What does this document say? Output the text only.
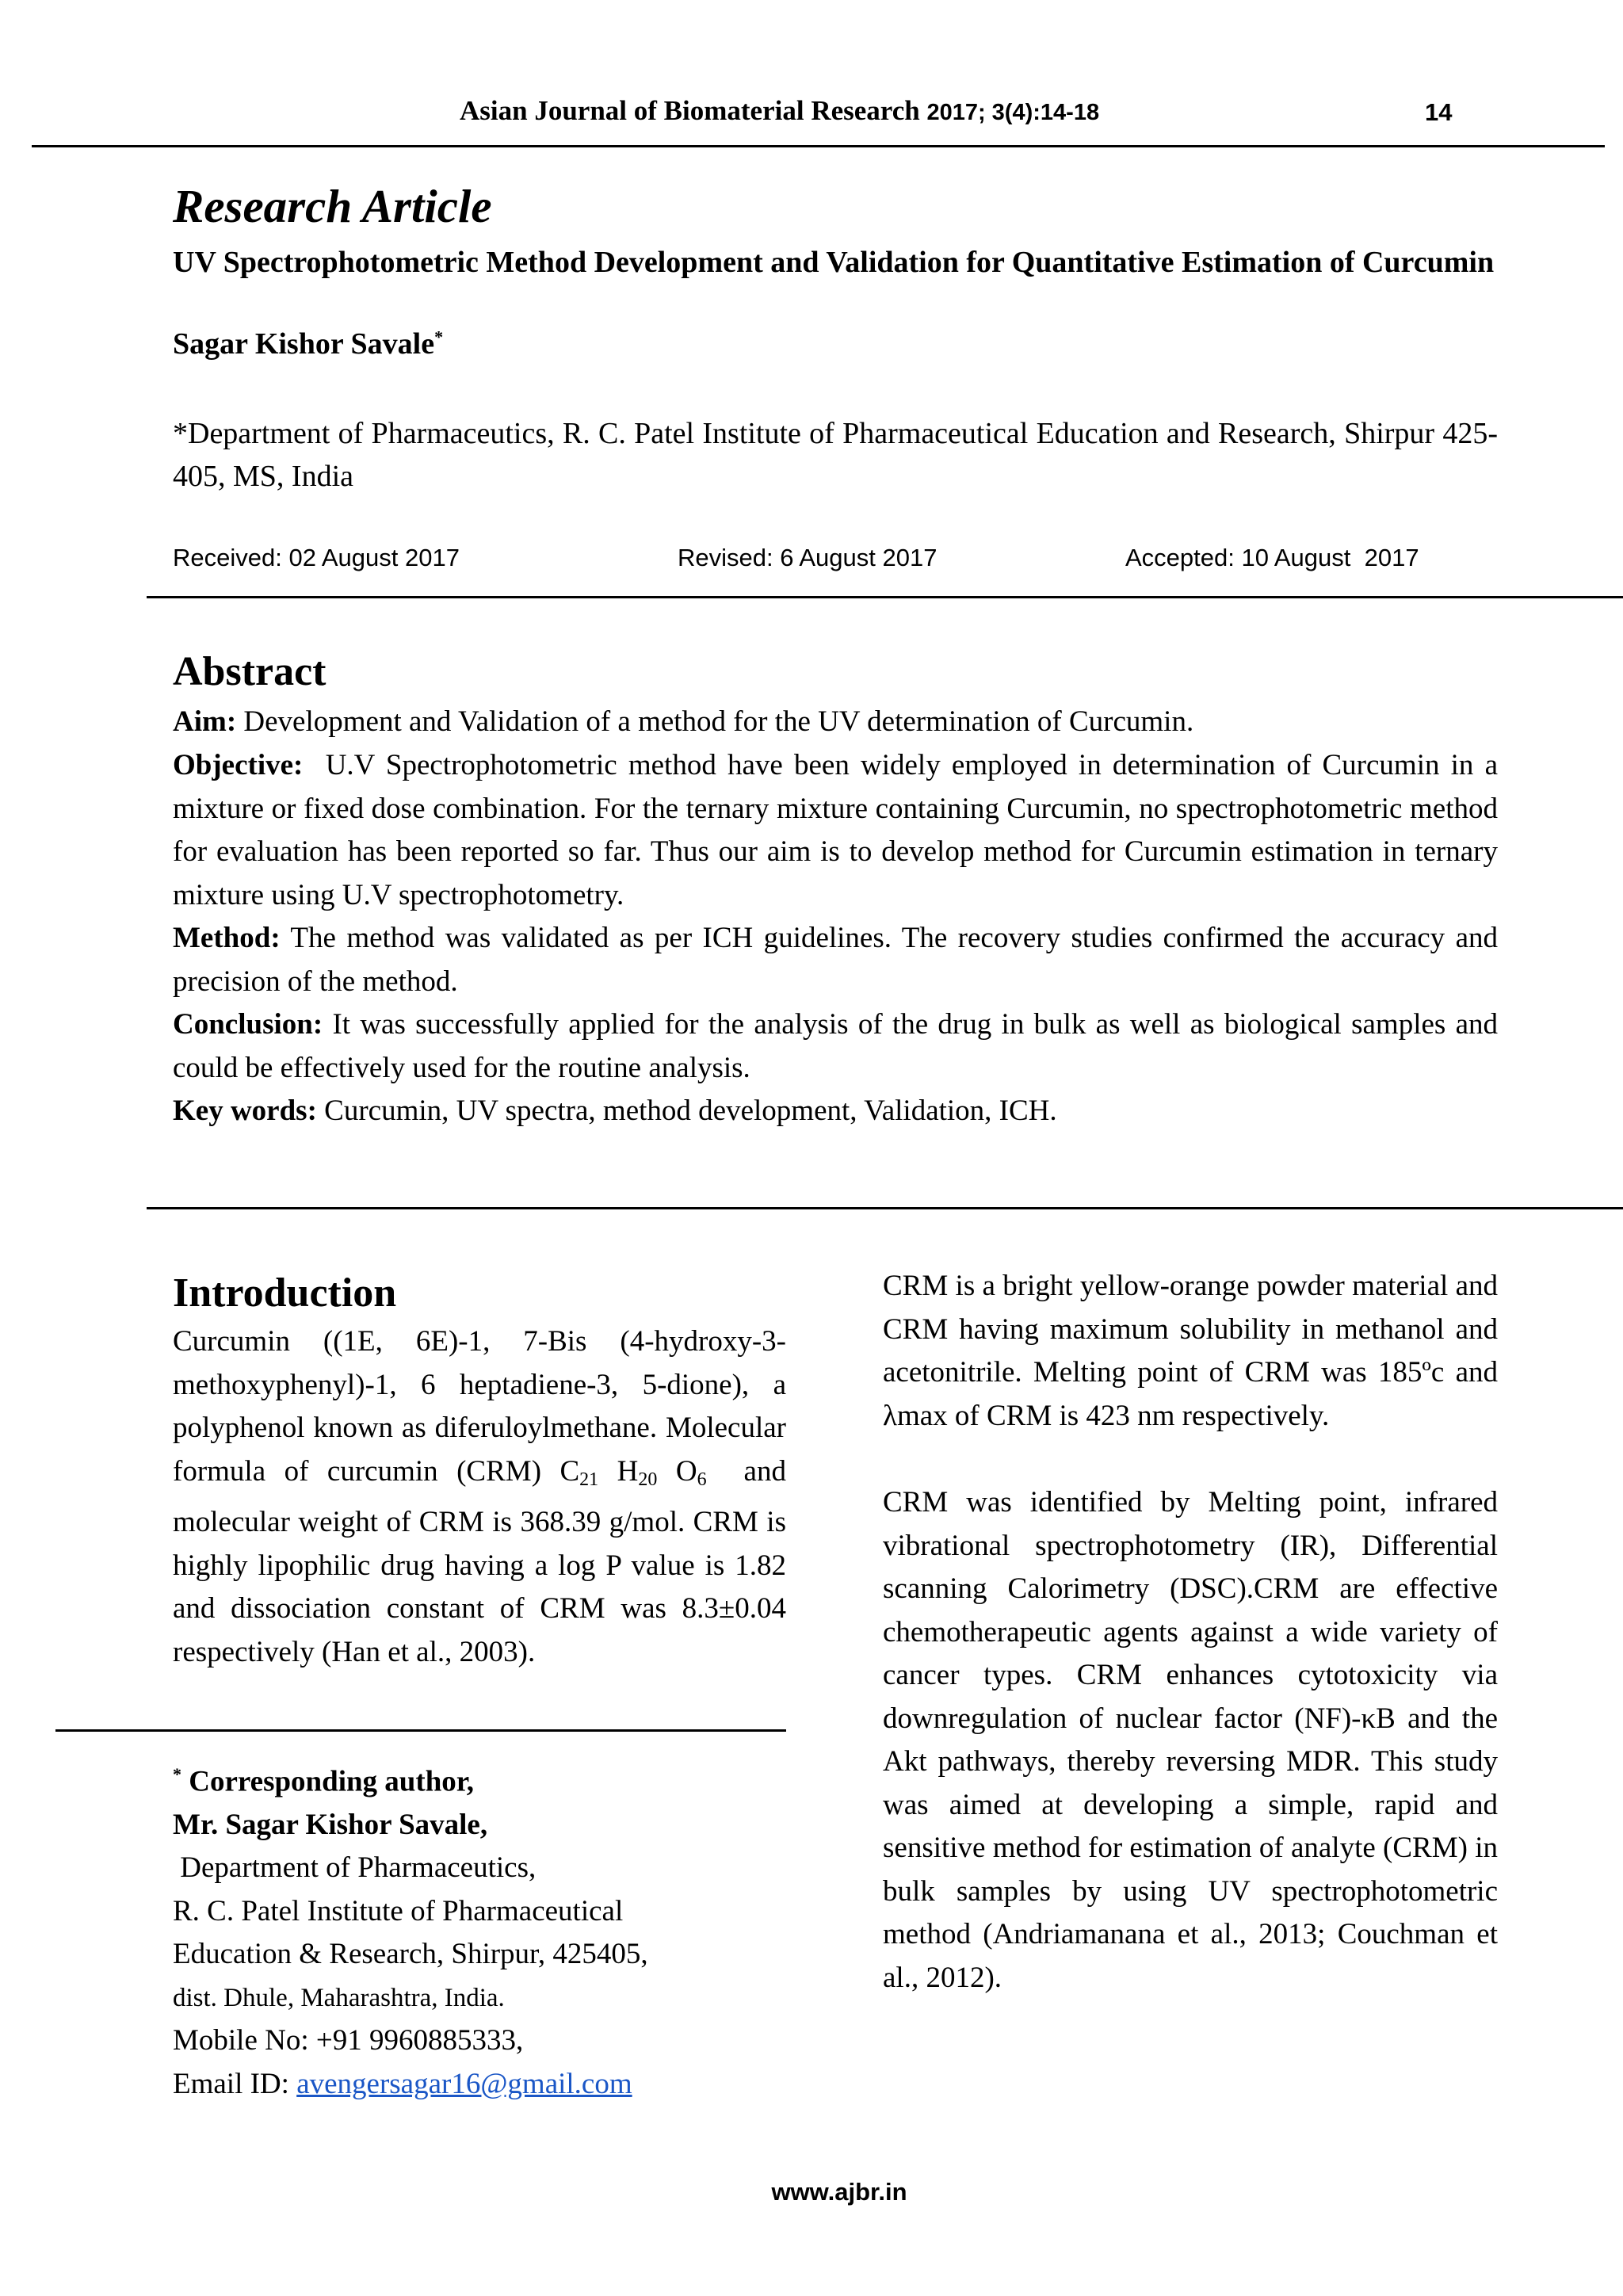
Asian Journal of Biomaterial Research 2017; 3(4):14-18	14
Research Article
UV Spectrophotometric Method Development and Validation for Quantitative Estimation of Curcumin
Sagar Kishor Savale*
*Department of Pharmaceutics, R. C. Patel Institute of Pharmaceutical Education and Research, Shirpur 425-405, MS, India
Received: 02 August 2017	Revised: 6 August 2017	Accepted: 10 August  2017
Abstract

Aim: Development and Validation of a method for the UV determination of Curcumin.

Objective:  U.V Spectrophotometric method have been widely employed in determination of Curcumin in a mixture or fixed dose combination. For the ternary mixture containing Curcumin, no spectrophotometric method for evaluation has been reported so far. Thus our aim is to develop method for Curcumin estimation in ternary mixture using U.V spectrophotometry.

Method: The method was validated as per ICH guidelines. The recovery studies confirmed the accuracy and precision of the method.

Conclusion: It was successfully applied for the analysis of the drug in bulk as well as biological samples and could be effectively used for the routine analysis.

Key words: Curcumin, UV spectra, method development, Validation, ICH.

Introduction

Curcumin ((1E, 6E)-1, 7-Bis (4-hydroxy-3-methoxyphenyl)-1, 6 heptadiene-3, 5-dione), a polyphenol known as diferuloylmethane. Molecular formula of curcumin (CRM) $C_{21}$ $H_{20}$ $O_6$  and molecular weight of CRM is 368.39 g/mol. CRM is highly lipophilic drug having a log P value is 1.82 and dissociation constant of CRM was 8.3±0.04 respectively (Han et al., 2003).

* Corresponding author,
Mr. Sagar Kishor Savale,
Department of Pharmaceutics,
R. C. Patel Institute of Pharmaceutical
Education & Research, Shirpur, 425405,
dist. Dhule, Maharashtra, India.
Mobile No: +91 9960885333,
Email ID: avengersagar16@gmail.com

CRM is a bright yellow-orange powder material and CRM having maximum solubility in methanol and acetonitrile. Melting point of CRM was 185ºc and λmax of CRM is 423 nm respectively.

CRM was identified by Melting point, infrared vibrational spectrophotometry (IR), Differential scanning Calorimetry (DSC).CRM are effective chemotherapeutic agents against a wide variety of cancer types. CRM enhances cytotoxicity via downregulation of nuclear factor (NF)-κB and the Akt pathways, thereby reversing MDR. This study was aimed at developing a simple, rapid and sensitive method for estimation of analyte (CRM) in bulk samples by using UV spectrophotometric method (Andriamanana et al., 2013; Couchman et al., 2012).

www.ajbr.in
